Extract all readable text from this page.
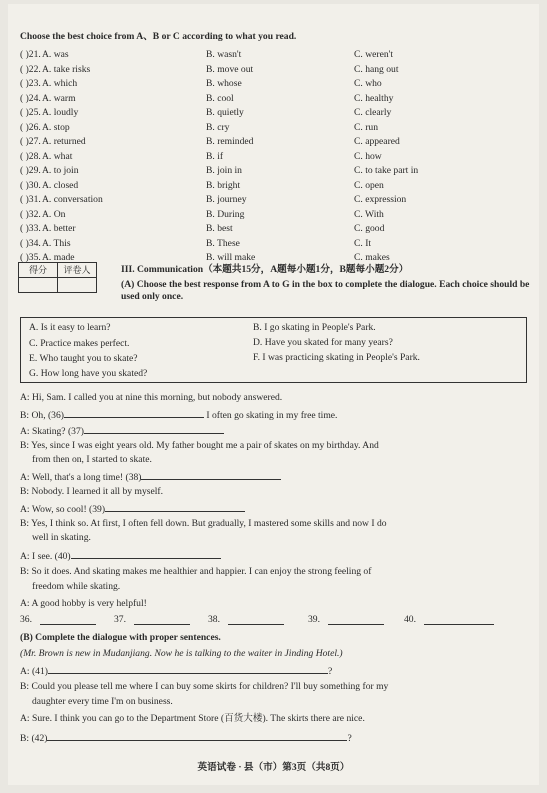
Choose the best choice from A、B or C according to what you read.
( )21. A. was	B. wasn't	C. weren't
( )22. A. take risks	B. move out	C. hang out
( )23. A. which	B. whose	C. who
( )24. A. warm	B. cool	C. healthy
( )25. A. loudly	B. quietly	C. clearly
( )26. A. stop	B. cry	C. run
( )27. A. returned	B. reminded	C. appeared
( )28. A. what	B. if	C. how
( )29. A. to join	B. join in	C. to take part in
( )30. A. closed	B. bright	C. open
( )31. A. conversation	B. journey	C. expression
( )32. A. On	B. During	C. With
( )33. A. better	B. best	C. good
( )34. A. This	B. These	C. It
( )35. A. made	B. will make	C. makes
得分	评卷人
		III. Communication（本题共15分，A题每小题1分，B题每小题2分）
(A) Choose the best response from A to G in the box to complete the dialogue. Each choice should be used only once.
A. Is it easy to learn?	B. I go skating in People's Park.
C. Practice makes perfect.	D. Have you skated for many years?
E. Who taught you to skate?	F. I was practicing skating in People's Park.
G. How long have you skated?
A: Hi, Sam. I called you at nine this morning, but nobody answered.
B: Oh, (36)	I often go skating in my free time.
A: Skating? (37)
B: Yes, since I was eight years old. My father bought me a pair of skates on my birthday. And
from then on, I started to skate.
A: Well, that's a long time! (38)
B: Nobody. I learned it all by myself.
A: Wow, so cool! (39)
B: Yes, I think so. At first, I often fell down. But gradually, I mastered some skills and now I do
well in skating.
A: I see. (40)
B: So it does. And skating makes me healthier and happier. I can enjoy the strong feeling of
freedom while skating.
A: A good hobby is very helpful!
36.	37.	38.	39.	40.
(B) Complete the dialogue with proper sentences.
(Mr. Brown is new in Mudanjiang. Now he is talking to the waiter in Jinding Hotel.)
A: (41)	?
B: Could you please tell me where I can buy some skirts for children? I'll buy something for my
daughter every time I'm on business.
A: Sure. I think you can go to the Department Store (百货大楼). The skirts there are nice.
B: (42)	?
英语试卷 · 县（市）第3页（共8页）
